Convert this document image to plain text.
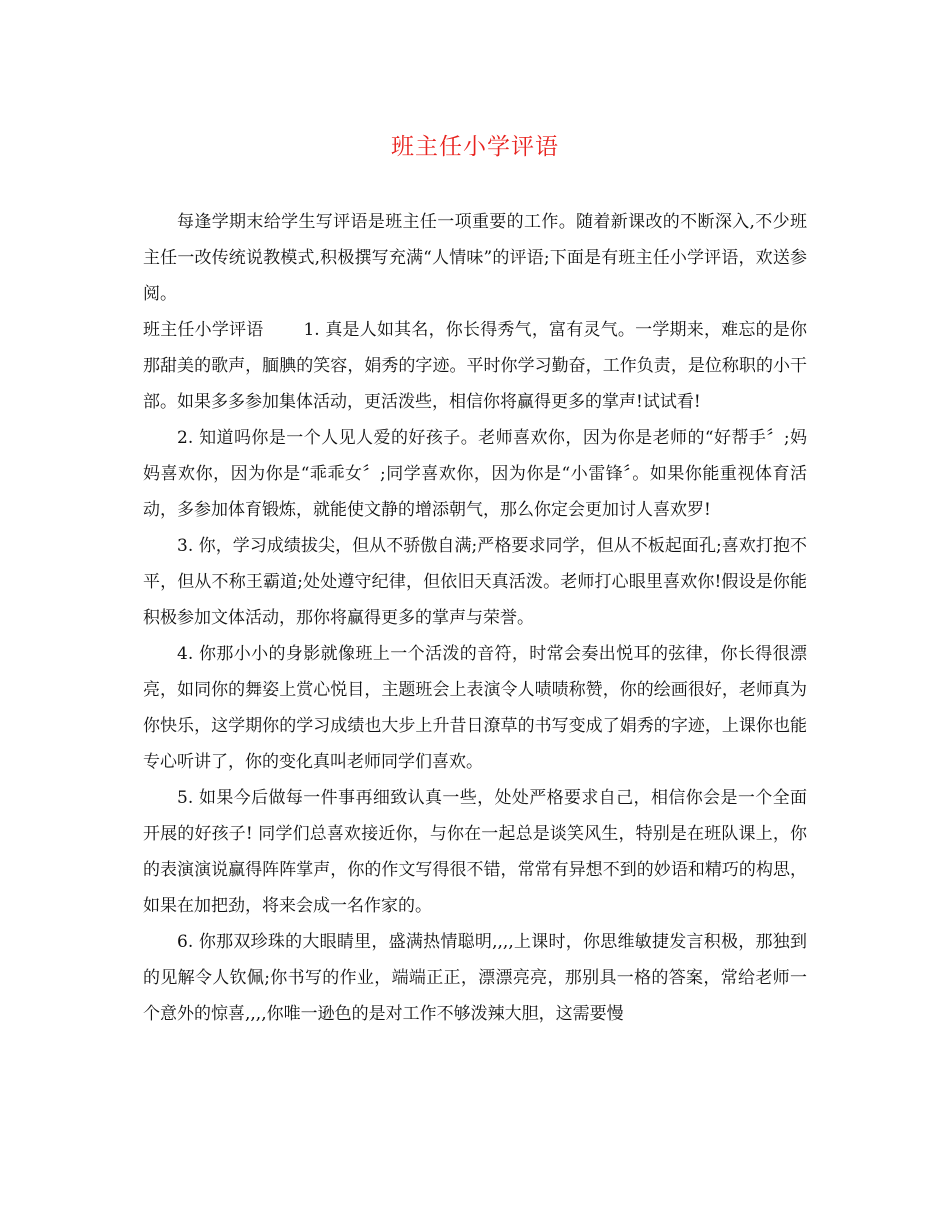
班主任小学评语

每逢学期末给学生写评语是班主任一项重要的工作。随着新课改的不断深入,不少班主任一改传统说教模式,积极撰写充满“人情味”的评语;下面是有班主任小学评语，欢送参阅。

班主任小学评语 1. 真是人如其名，你长得秀气，富有灵气。一学期来，难忘的是你那甜美的歌声，腼腆的笑容，娟秀的字迹。平时你学习勤奋，工作负责，是位称职的小干部。如果多多参加集体活动，更活泼些，相信你将赢得更多的掌声!试试看!

2. 知道吗你是一个人见人爱的好孩子。老师喜欢你，因为你是老师的“好帮手〞;妈妈喜欢你，因为你是“乖乖女〞;同学喜欢你，因为你是“小雷锋〞。如果你能重视体育活动，多参加体育锻炼，就能使文静的增添朝气，那么你定会更加讨人喜欢罗!

3. 你，学习成绩拔尖，但从不骄傲自满;严格要求同学，但从不板起面孔;喜欢打抱不平，但从不称王霸道;处处遵守纪律，但依旧天真活泼。老师打心眼里喜欢你!假设是你能积极参加文体活动，那你将赢得更多的掌声与荣誉。

4. 你那小小的身影就像班上一个活泼的音符，时常会奏出悦耳的弦律，你长得很漂亮，如同你的舞姿上赏心悦目，主题班会上表演令人啧啧称赞，你的绘画很好，老师真为你快乐，这学期你的学习成绩也大步上升昔日潦草的书写变成了娟秀的字迹，上课你也能专心听讲了，你的变化真叫老师同学们喜欢。

5. 如果今后做每一件事再细致认真一些，处处严格要求自己，相信你会是一个全面开展的好孩子! 同学们总喜欢接近你，与你在一起总是谈笑风生，特别是在班队课上，你的表演演说赢得阵阵掌声，你的作文写得很不错，常常有异想不到的妙语和精巧的构思，如果在加把劲，将来会成一名作家的。

6. 你那双珍珠的大眼睛里，盛满热情聪明,,,,上课时，你思维敏捷发言积极，那独到的见解令人钦佩;你书写的作业，端端正正，漂漂亮亮，那别具一格的答案，常给老师一个意外的惊喜,,,,你唯一逊色的是对工作不够泼辣大胆，这需要慢
